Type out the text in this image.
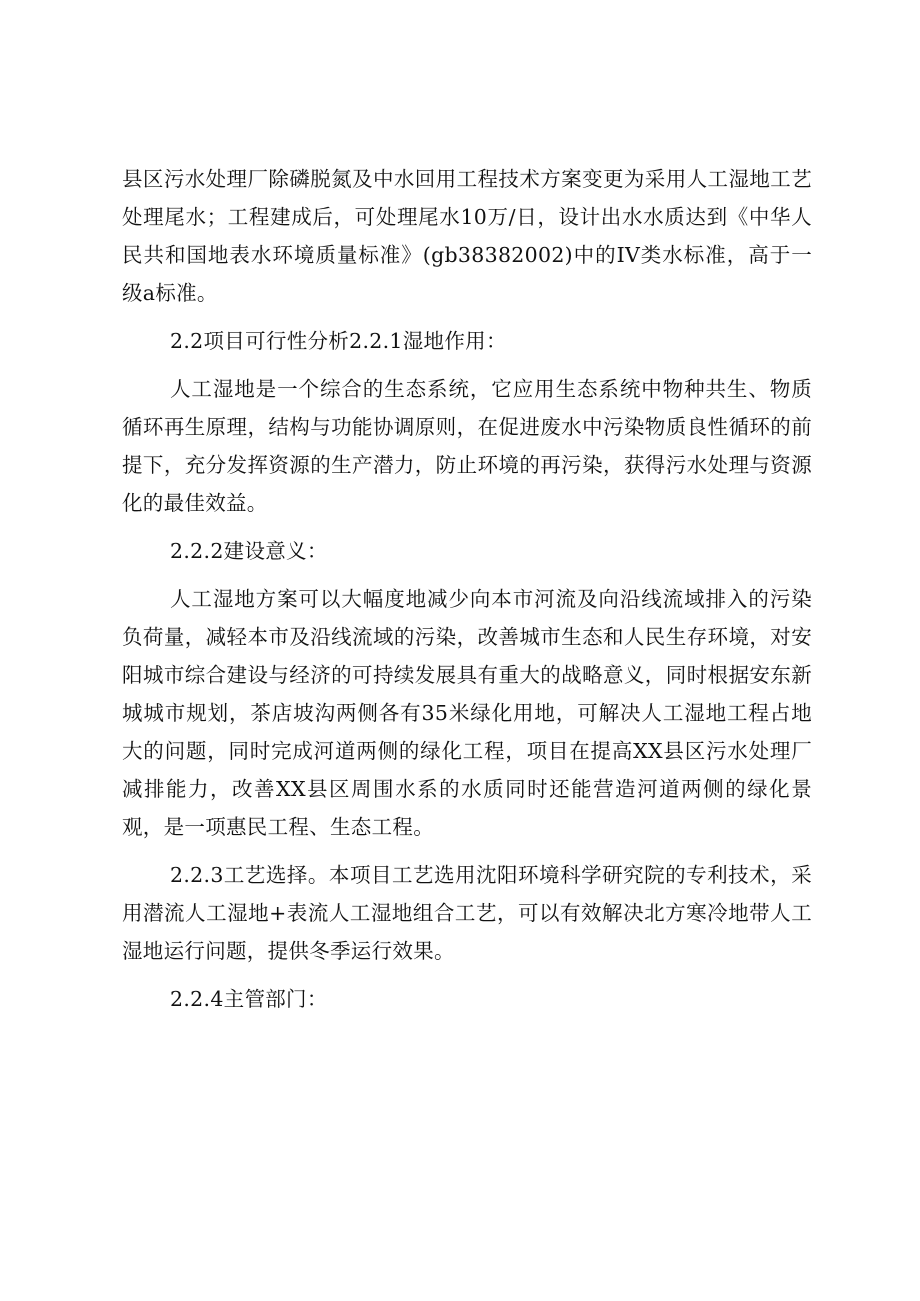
县区污水处理厂除磷脱氮及中水回用工程技术方案变更为采用人工湿地工艺处理尾水；工程建成后，可处理尾水10万/日，设计出水水质达到《中华人民共和国地表水环境质量标准》(gb38382002)中的IV类水标准，高于一级a标准。

2.2项目可行性分析2.2.1湿地作用：

人工湿地是一个综合的生态系统，它应用生态系统中物种共生、物质循环再生原理，结构与功能协调原则，在促进废水中污染物质良性循环的前提下，充分发挥资源的生产潜力，防止环境的再污染，获得污水处理与资源化的最佳效益。

2.2.2建设意义：

人工湿地方案可以大幅度地减少向本市河流及向沿线流域排入的污染负荷量，减轻本市及沿线流域的污染，改善城市生态和人民生存环境，对安阳城市综合建设与经济的可持续发展具有重大的战略意义，同时根据安东新城城市规划，茶店坡沟两侧各有35米绿化用地，可解决人工湿地工程占地大的问题，同时完成河道两侧的绿化工程，项目在提高XX县区污水处理厂减排能力，改善XX县区周围水系的水质同时还能营造河道两侧的绿化景观，是一项惠民工程、生态工程。

2.2.3工艺选择。本项目工艺选用沈阳环境科学研究院的专利技术，采用潜流人工湿地+表流人工湿地组合工艺，可以有效解决北方寒冷地带人工湿地运行问题，提供冬季运行效果。

2.2.4主管部门：
